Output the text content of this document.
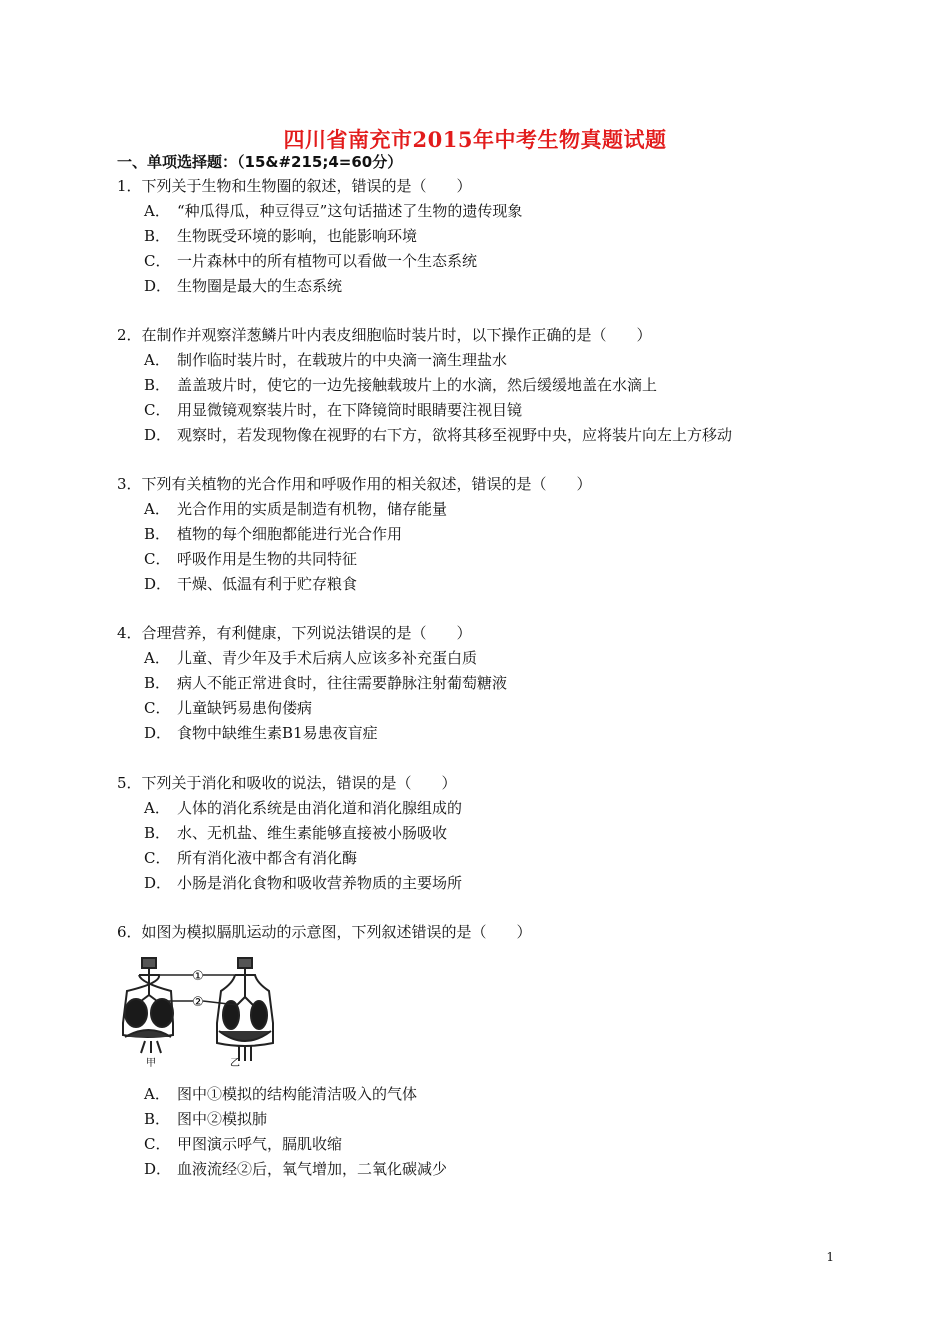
四川省南充市2015年中考生物真题试题
一、单项选择题：（15&#215;4=60分）
1．下列关于生物和生物圈的叙述，错误的是（　　）
A． “种瓜得瓜，种豆得豆”这句话描述了生物的遗传现象
B． 生物既受环境的影响，也能影响环境
C． 一片森林中的所有植物可以看做一个生态系统
D． 生物圈是最大的生态系统
2．在制作并观察洋葱鳞片叶内表皮细胞临时装片时，以下操作正确的是（　　）
A． 制作临时装片时，在载玻片的中央滴一滴生理盐水
B． 盖盖玻片时，使它的一边先接触载玻片上的水滴，然后缓缓地盖在水滴上
C． 用显微镜观察装片时，在下降镜筒时眼睛要注视目镜
D． 观察时，若发现物像在视野的右下方，欲将其移至视野中央，应将装片向左上方移动
3．下列有关植物的光合作用和呼吸作用的相关叙述，错误的是（　　）
A． 光合作用的实质是制造有机物，储存能量
B． 植物的每个细胞都能进行光合作用
C． 呼吸作用是生物的共同特征
D． 干燥、低温有利于贮存粮食
4．合理营养，有利健康，下列说法错误的是（　　）
A． 儿童、青少年及手术后病人应该多补充蛋白质
B． 病人不能正常进食时，往往需要静脉注射葡萄糖液
C． 儿童缺钙易患佝偻病
D． 食物中缺维生素B1易患夜盲症
5．下列关于消化和吸收的说法，错误的是（　　）
A． 人体的消化系统是由消化道和消化腺组成的
B． 水、无机盐、维生素能够直接被小肠吸收
C． 所有消化液中都含有消化酶
D． 小肠是消化食物和吸收营养物质的主要场所
6．如图为模拟膈肌运动的示意图，下列叙述错误的是（　　）
①
②
甲	乙
A． 图中①模拟的结构能清洁吸入的气体
B． 图中②模拟肺
C． 甲图演示呼气，膈肌收缩
D． 血液流经②后，氧气增加，二氧化碳减少
1
